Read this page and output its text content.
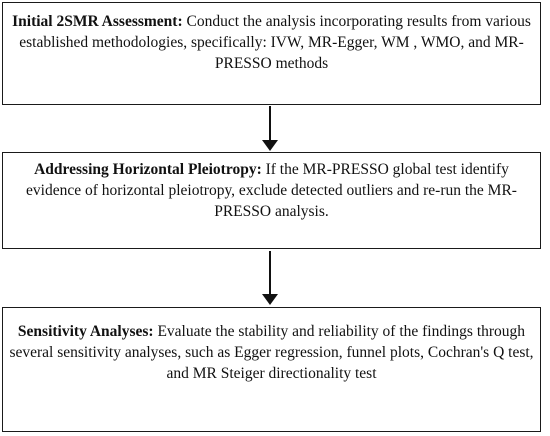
Initial 2SMR Assessment: Conduct the analysis incorporating results from various established methodologies, specifically: IVW, MR-Egger, WM , WMO, and MR-PRESSO methods

Addressing Horizontal Pleiotropy: If the MR-PRESSO global test identify evidence of horizontal pleiotropy, exclude detected outliers and re-run the MR-PRESSO analysis.

Sensitivity Analyses: Evaluate the stability and reliability of the findings through several sensitivity analyses, such as Egger regression, funnel plots, Cochran's Q test, and MR Steiger directionality test
